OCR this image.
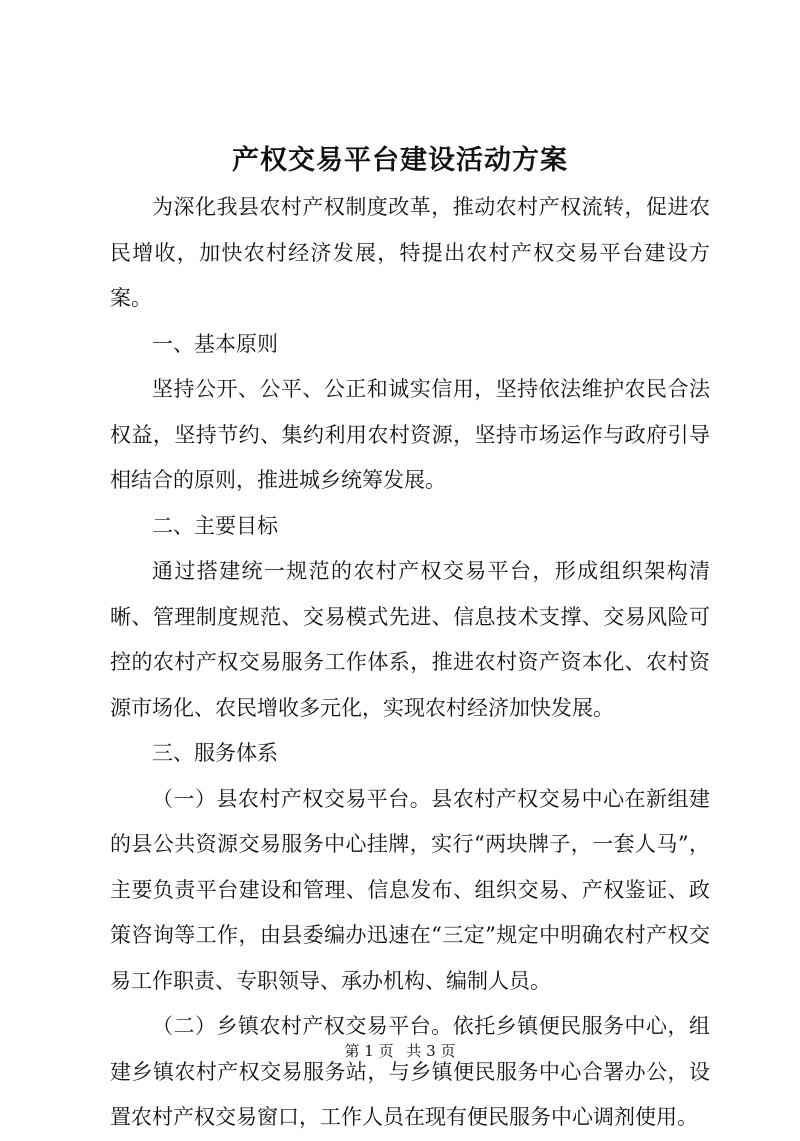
产权交易平台建设活动方案

为深化我县农村产权制度改革，推动农村产权流转，促进农民增收，加快农村经济发展，特提出农村产权交易平台建设方案。

一、基本原则

坚持公开、公平、公正和诚实信用，坚持依法维护农民合法权益，坚持节约、集约利用农村资源，坚持市场运作与政府引导相结合的原则，推进城乡统筹发展。

二、主要目标

通过搭建统一规范的农村产权交易平台，形成组织架构清晰、管理制度规范、交易模式先进、信息技术支撑、交易风险可控的农村产权交易服务工作体系，推进农村资产资本化、农村资源市场化、农民增收多元化，实现农村经济加快发展。

三、服务体系

（一）县农村产权交易平台。县农村产权交易中心在新组建的县公共资源交易服务中心挂牌，实行“两块牌子，一套人马”，主要负责平台建设和管理、信息发布、组织交易、产权鉴证、政策咨询等工作，由县委编办迅速在“三定”规定中明确农村产权交易工作职责、专职领导、承办机构、编制人员。

（二）乡镇农村产权交易平台。依托乡镇便民服务中心，组建乡镇农村产权交易服务站，与乡镇便民服务中心合署办公，设置农村产权交易窗口，工作人员在现有便民服务中心调剂使用。

第 1 页 共 3 页
